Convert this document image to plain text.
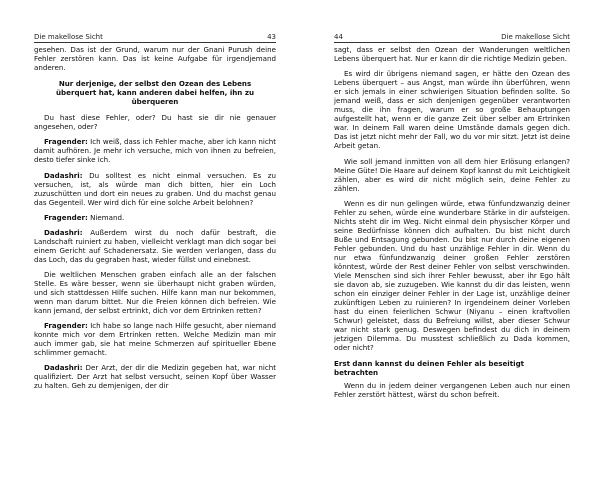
Die makellose Sicht	43

gesehen. Das ist der Grund, warum nur der Gnani Purush deine Fehler zerstören kann. Das ist keine Aufgabe für irgendjemand anderen.

Nur derjenige, der selbst den Ozean des Lebens überquert hat, kann anderen dabei helfen, ihn zu überqueren

Du hast diese Fehler, oder? Du hast sie dir nie genauer angesehen, oder?

Fragender: Ich weiß, dass ich Fehler mache, aber ich kann nicht damit aufhören. Je mehr ich versuche, mich von ihnen zu befreien, desto tiefer sinke ich.

Dadashri: Du solltest es nicht einmal versuchen. Es zu versuchen, ist, als würde man dich bitten, hier ein Loch zuzuschütten und dort ein neues zu graben. Und du machst genau das Gegenteil. Wer wird dich für eine solche Arbeit belohnen?

Fragender: Niemand.

Dadashri: Außerdem wirst du noch dafür bestraft, die Landschaft ruiniert zu haben, vielleicht verklagt man dich sogar bei einem Gericht auf Schadenersatz. Sie werden verlangen, dass du das Loch, das du gegraben hast, wieder füllst und einebnest.

Die weltlichen Menschen graben einfach alle an der falschen Stelle. Es wäre besser, wenn sie überhaupt nicht graben würden, und sich stattdessen Hilfe suchen. Hilfe kann man nur bekommen, wenn man darum bittet. Nur die Freien können dich befreien. Wie kann jemand, der selbst ertrinkt, dich vor dem Ertrinken retten?

Fragender: Ich habe so lange nach Hilfe gesucht, aber niemand konnte mich vor dem Ertrinken retten. Welche Medizin man mir auch immer gab, sie hat meine Schmerzen auf spiritueller Ebene schlimmer gemacht.

Dadashri: Der Arzt, der dir die Medizin gegeben hat, war nicht qualifiziert. Der Arzt hat selbst versucht, seinen Kopf über Wasser zu halten. Geh zu demjenigen, der dir

44	Die makellose Sicht

sagt, dass er selbst den Ozean der Wanderungen weltlichen Lebens überquert hat. Nur er kann dir die richtige Medizin geben.

Es wird dir übrigens niemand sagen, er hätte den Ozean des Lebens überquert – aus Angst, man würde ihn überführen, wenn er sich jemals in einer schwierigen Situation befinden sollte. So jemand weiß, dass er sich denjenigen gegenüber verantworten muss, die ihn fragen, warum er so große Behauptungen aufgestellt hat, wenn er die ganze Zeit über selber am Ertrinken war. In deinem Fall waren deine Umstände damals gegen dich. Das ist jetzt nicht mehr der Fall, wo du vor mir sitzt. Jetzt ist deine Arbeit getan.

Wie soll jemand inmitten von all dem hier Erlösung erlangen? Meine Güte! Die Haare auf deinem Kopf kannst du mit Leichtigkeit zählen, aber es wird dir nicht möglich sein, deine Fehler zu zählen.

Wenn es dir nun gelingen würde, etwa fünfundzwanzig deiner Fehler zu sehen, würde eine wunderbare Stärke in dir aufsteigen. Nichts steht dir im Weg. Nicht einmal dein physischer Körper und seine Bedürfnisse können dich aufhalten. Du bist nicht durch Buße und Entsagung gebunden. Du bist nur durch deine eigenen Fehler gebunden. Und du hast unzählige Fehler in dir. Wenn du nur etwa fünfundzwanzig deiner großen Fehler zerstören könntest, würde der Rest deiner Fehler von selbst verschwinden. Viele Menschen sind sich ihrer Fehler bewusst, aber ihr Ego hält sie davon ab, sie zuzugeben. Wie kannst du dir das leisten, wenn schon ein einziger deiner Fehler in der Lage ist, unzählige deiner zukünftigen Leben zu ruinieren? In irgendeinem deiner Vorleben hast du einen feierlichen Schwur (Niyanu – einen kraftvollen Schwur) geleistet, dass du Befreiung willst, aber dieser Schwur war nicht stark genug. Deswegen befindest du dich in deinem jetzigen Dilemma. Du musstest schließlich zu Dada kommen, oder nicht?

Erst dann kannst du deinen Fehler als beseitigt betrachten

Wenn du in jedem deiner vergangenen Leben auch nur einen Fehler zerstört hättest, wärst du schon befreit.
